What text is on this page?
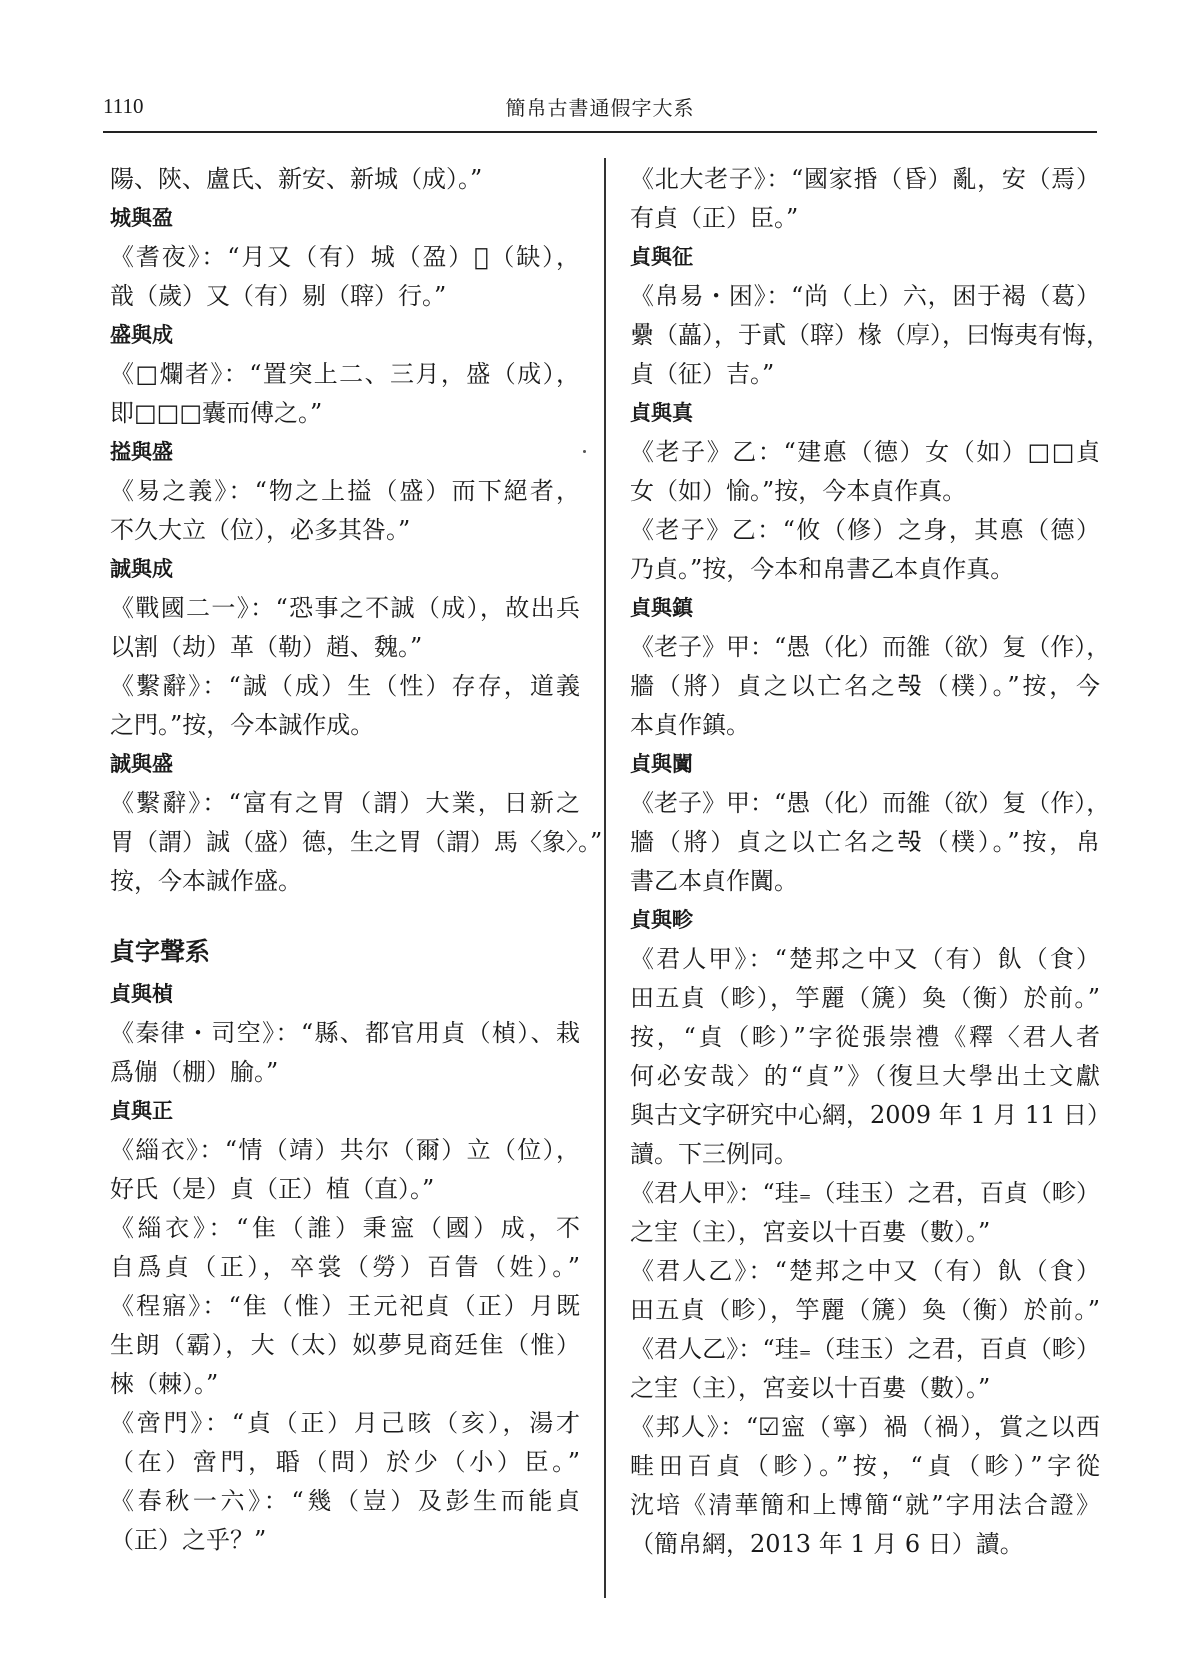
1110	簡帛古書通假字大系
陽、陝、盧氏、新安、新城（成）。”
城與盈
《耆夜》：“月又（有）城（盈）𣪞（缺），
戠（歲）又（有）剔（䏁）行。”
盛與成
《□爛者》：“置突上二、三月，盛（成），
即□□□囊而傅之。”
搤與盛
《易之義》：“物之上搤（盛）而下絕者，
不久大立（位），必多其咎。”
誠與成
《戰國二一》：“恐事之不誠（成），故出兵
以割（劫）革（勒）趙、魏。”
《繫辭》：“誠（成）生（性）存存，道義
之門。”按，今本誠作成。
誠與盛
《繫辭》：“富有之胃（謂）大業，日新之
胃（謂）誠（盛）德，生之胃（謂）馬〈象〉。”
按，今本誠作盛。
貞字聲系
貞與楨
《秦律・司空》：“縣、都官用貞（楨）、栽
爲傰（棚）腧。”
貞與正
《緇衣》：“情（靖）共尔（爾）立（位），
好氏（是）貞（正）植（直）。”
《緇衣》：“隹（誰）秉寍（國）成，不
自爲貞（正），卒裳（勞）百眚（姓）。”
《程寤》：“隹（惟）王元祀貞（正）月既
生朗（霸），大（太）姒夢見商廷隹（惟）
棶（棘）。”
《啻門》：“貞（正）月己晐（亥），湯才
（在）啻門，䎽（問）於少（小）臣。”
《春秋一六》：“幾（豈）及彭生而能貞
（正）之乎？”
《北大老子》：“國家捪（昏）亂，安（焉）
有貞（正）臣。”
貞與征
《帛易・困》：“尚（上）六，困于褐（葛）
纍（藟），于貳（䏁）椽（𢈲），曰悔夷有悔，
貞（征）吉。”
貞與真
《老子》乙：“建悳（德）女（如）□□貞
女（如）愉。”按，今本貞作真。
《老子》乙：“攸（修）之身，其悳（德）
乃貞。”按，今本和帛書乙本貞作真。
貞與鎮
《老子》甲：“愚（化）而雒（欲）复（作），
牆（將）貞之以亡名之𣪊（樸）。”按，今
本貞作鎮。
貞與闐
《老子》甲：“愚（化）而雒（欲）复（作），
牆（將）貞之以亡名之𣪊（樸）。”按，帛
書乙本貞作闐。
貞與畛
《君人甲》：“楚邦之中又（有）飤（食）
田五貞（畛），竽麗（篪）奐（衡）於前。”
按，“貞（畛）”字從張崇禮《釋〈君人者
何必安哉〉的“貞”》（復旦大學出土文獻
與古文字研究中心網，2009 年 1 月 11 日）
讀。下三例同。
《君人甲》：“珪₌（珪玉）之君，百貞（畛）
之宔（主），宮妾以十百婁（數）。”
《君人乙》：“楚邦之中又（有）飤（食）
田五貞（畛），竽麗（篪）奐（衡）於前。”
《君人乙》：“珪₌（珪玉）之君，百貞（畛）
之宔（主），宮妾以十百婁（數）。”
《邦人》：“☑寍（寧）禍（禍），賞之以西
畦田百貞（畛）。”按，“貞（畛）”字從
沈培《清華簡和上博簡“就”字用法合證》
（簡帛網，2013 年 1 月 6 日）讀。
